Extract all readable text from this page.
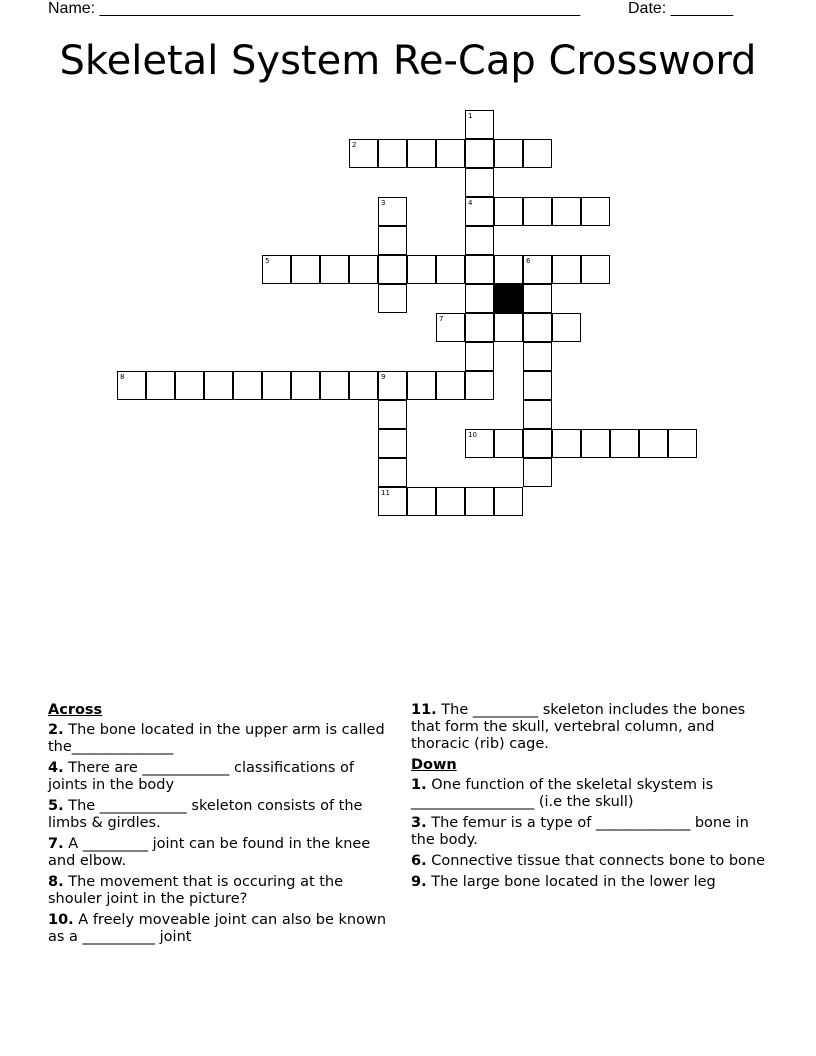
Name: ______________________________________________________	Date: _______
Skeletal System Re-Cap Crossword
1
2
3	4
5	6
7
8	9
10
11
Across
2. The bone located in the upper arm is called the______________
4. There are ____________ classifications of joints in the body
5. The ____________ skeleton consists of the limbs & girdles.
7. A _________ joint can be found in the knee and elbow.
8. The movement that is occuring at the shouler joint in the picture?
10. A freely moveable joint can also be known as a __________ joint
11. The _________ skeleton includes the bones that form the skull, vertebral column, and thoracic (rib) cage.
Down
1. One function of the skeletal skystem is _________________ (i.e the skull)
3. The femur is a type of _____________ bone in the body.
6. Connective tissue that connects bone to bone
9. The large bone located in the lower leg
